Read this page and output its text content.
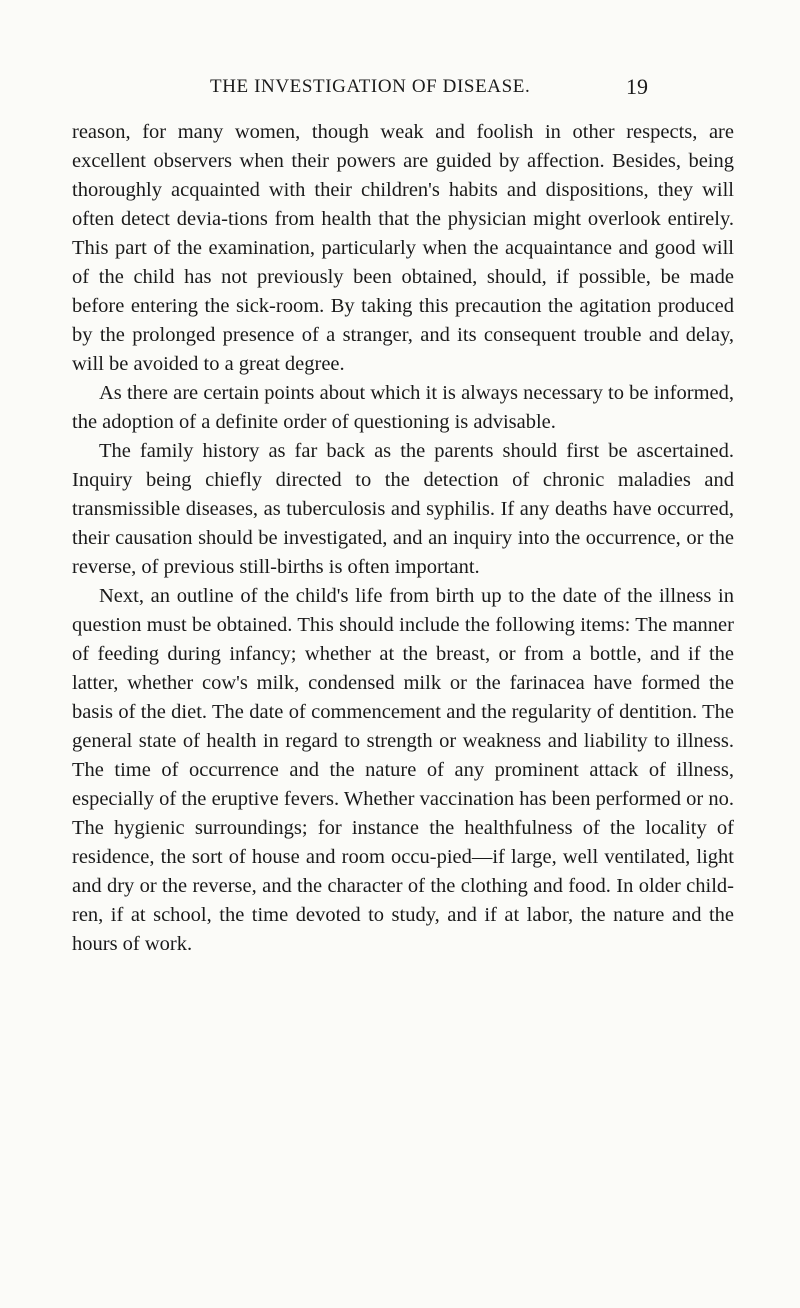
THE INVESTIGATION OF DISEASE.	19

reason, for many women, though weak and foolish in other respects, are excellent observers when their powers are guided by affection. Besides, being thoroughly acquainted with their children's habits and dispositions, they will often detect devia-tions from health that the physician might overlook entirely. This part of the examination, particularly when the acquaintance and good will of the child has not previously been obtained, should, if possible, be made before entering the sick-room. By taking this precaution the agitation produced by the prolonged presence of a stranger, and its consequent trouble and delay, will be avoided to a great degree.

As there are certain points about which it is always necessary to be informed, the adoption of a definite order of questioning is advisable.

The family history as far back as the parents should first be ascertained. Inquiry being chiefly directed to the detection of chronic maladies and transmissible diseases, as tuberculosis and syphilis. If any deaths have occurred, their causation should be investigated, and an inquiry into the occurrence, or the reverse, of previous still-births is often important.

Next, an outline of the child's life from birth up to the date of the illness in question must be obtained. This should include the following items: The manner of feeding during infancy; whether at the breast, or from a bottle, and if the latter, whether cow's milk, condensed milk or the farinacea have formed the basis of the diet. The date of commencement and the regularity of dentition. The general state of health in regard to strength or weakness and liability to illness. The time of occurrence and the nature of any prominent attack of illness, especially of the eruptive fevers. Whether vaccination has been performed or no. The hygienic surroundings; for instance the healthfulness of the locality of residence, the sort of house and room occu-pied—if large, well ventilated, light and dry or the reverse, and the character of the clothing and food. In older child-ren, if at school, the time devoted to study, and if at labor, the nature and the hours of work.
